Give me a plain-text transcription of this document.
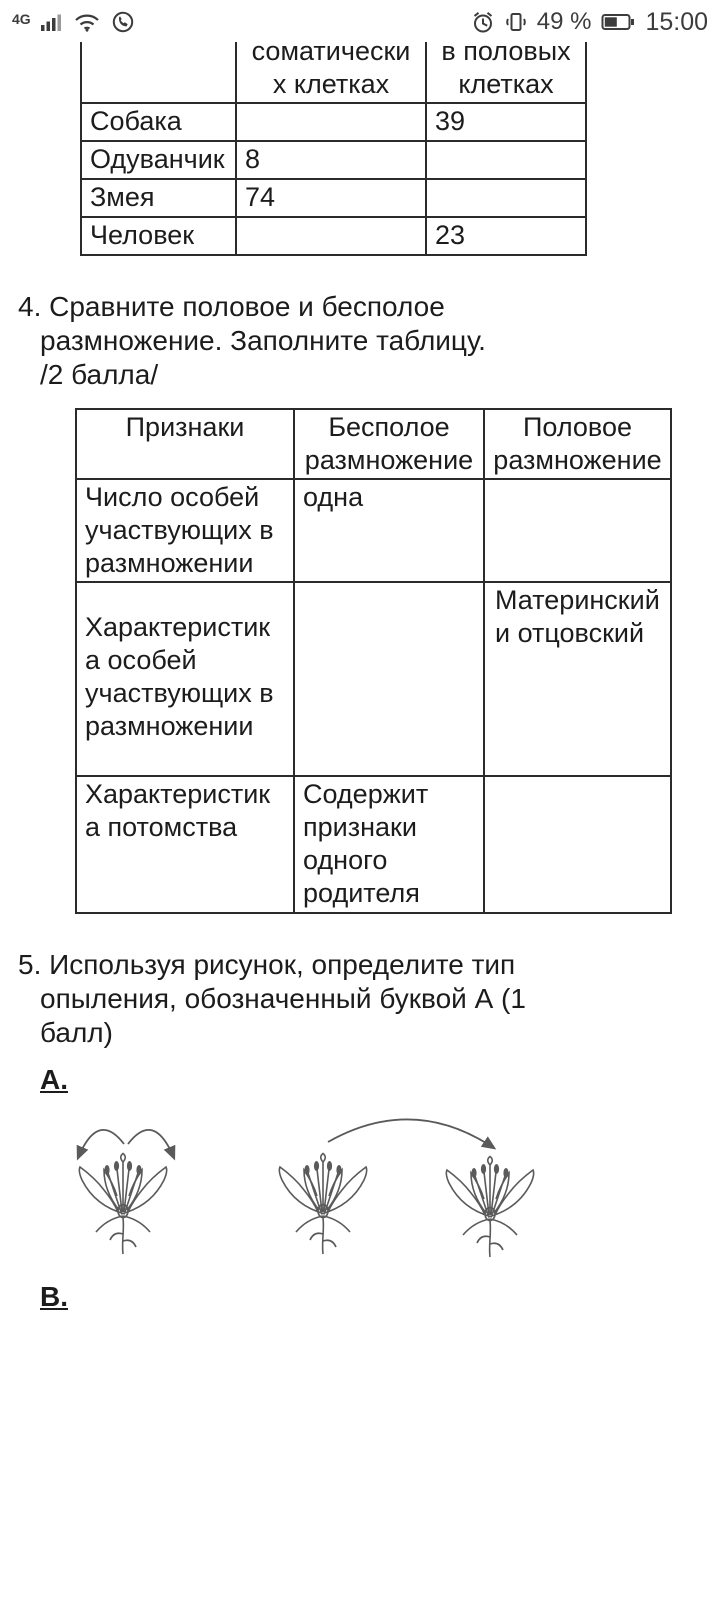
4G	49 % 15:00
	соматических клетках	в половых клетках
Собака		39
Одуванчик	8	
Змея	74	
Человек		23
4. Сравните половое и бесполое
размножение. Заполните таблицу.
/2 балла/
Признаки	Бесполое размножение	Половое размножение
Число особей участвующих в размножении	одна	
Характеристика особей участвующих в размножении		Материнский и отцовский
Характеристика потомства	Содержит признаки одного родителя	
5. Используя рисунок, определите тип
опыления, обозначенный буквой А (1
балл)
А.
В.
